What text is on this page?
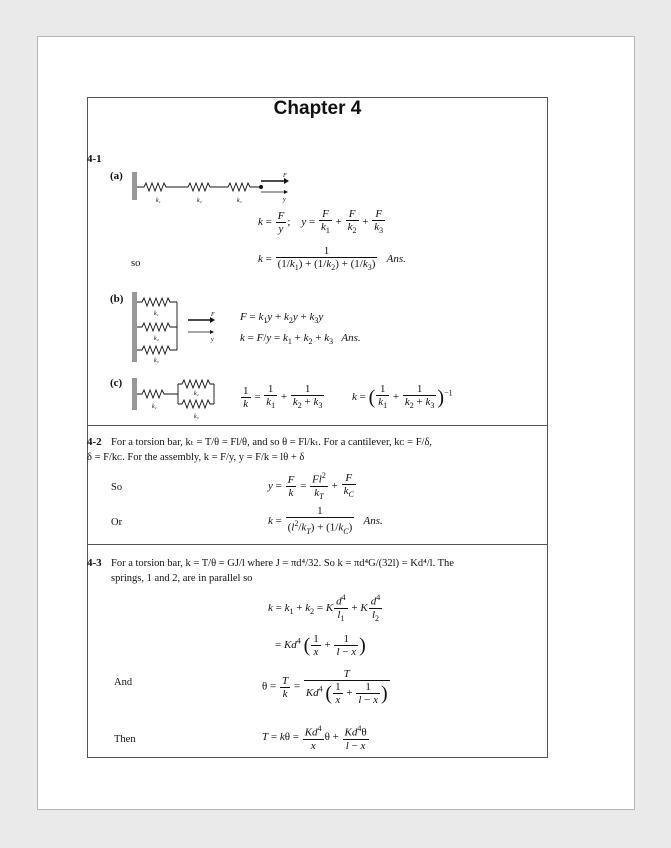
Chapter 4
4-1
(a)	F
y
k₁	k₂	k₃
$k = \frac{F}{y}$ ;    $y = \frac{F}{k_1} + \frac{F}{k_2} + \frac{F}{k_3}$
so	$k = \frac{1}{(1/k_1) + (1/k_2) + (1/k_3)}$ Ans.
(b)
k₁
k₂
k₃
F
y
$F = k_1y + k_2y + k_3y$
$k = F/y = k_1 + k_2 + k_3$ Ans.
(c)
k₁
k₂
k₃
$\frac{1}{k} = \frac{1}{k_1} + \frac{1}{k_2 + k_3}$	k = ( $\frac{1}{k_1} + \frac{1}{k_2 + k_3} )^{-1}$
4-2 For a torsion bar, kₜ = T/θ = Fl/θ, and so θ = Fl/kₜ. For a cantilever, kᴄ = F/δ,
δ = F/kᴄ. For the assembly, k = F/y, y = F/k = lθ + δ
So	$y = \frac{F}{k} = \frac{Fl^2}{k_T} + \frac{F}{k_C}$
Or	$k = \frac{1}{(l^2/k_T) + (1/k_C)}$ Ans.
4-3 For a torsion bar, k = T/θ = GJ/l where J = πd⁴/32. So k = πd⁴G/(32l) = Kd⁴/l. The
springs, 1 and 2, are in parallel so
$k = k_1 + k_2 = K \frac{d^4}{l_1} + K \frac{d^4}{l_2}$
= $Kd^4$ ( $\frac{1}{x} + \frac{1}{l - x}$ )
And	$\theta = \frac{T}{k} = \frac{T}{Kd^4 ( \frac{1}{x} + \frac{1}{l - x} )}$
Then	$T = k\theta = \frac{Kd^4}{x}$ $\theta + \frac{Kd^4\theta}{l - x}$
